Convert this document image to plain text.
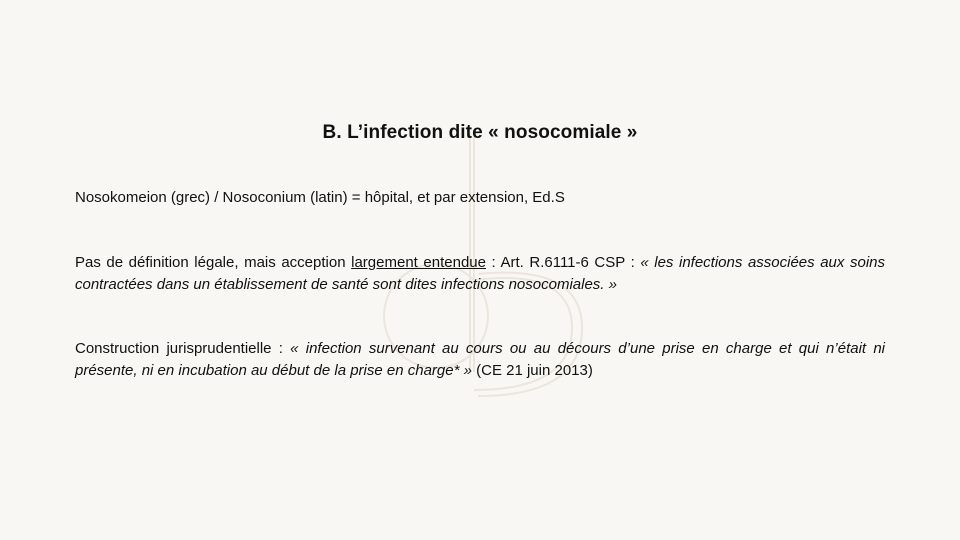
B. L’infection dite « nosocomiale »
Nosokomeion (grec) / Nosoconium (latin) = hôpital, et par extension, Ed.S
Pas de définition légale, mais acception largement entendue : Art. R.6111-6 CSP : « les infections associées aux soins contractées dans un établissement de santé sont dites infections nosocomiales. »
Construction jurisprudentielle : « infection survenant au cours ou au décours d’une prise en charge et qui n’était ni présente, ni en incubation au début de la prise en charge* » (CE 21 juin 2013)
